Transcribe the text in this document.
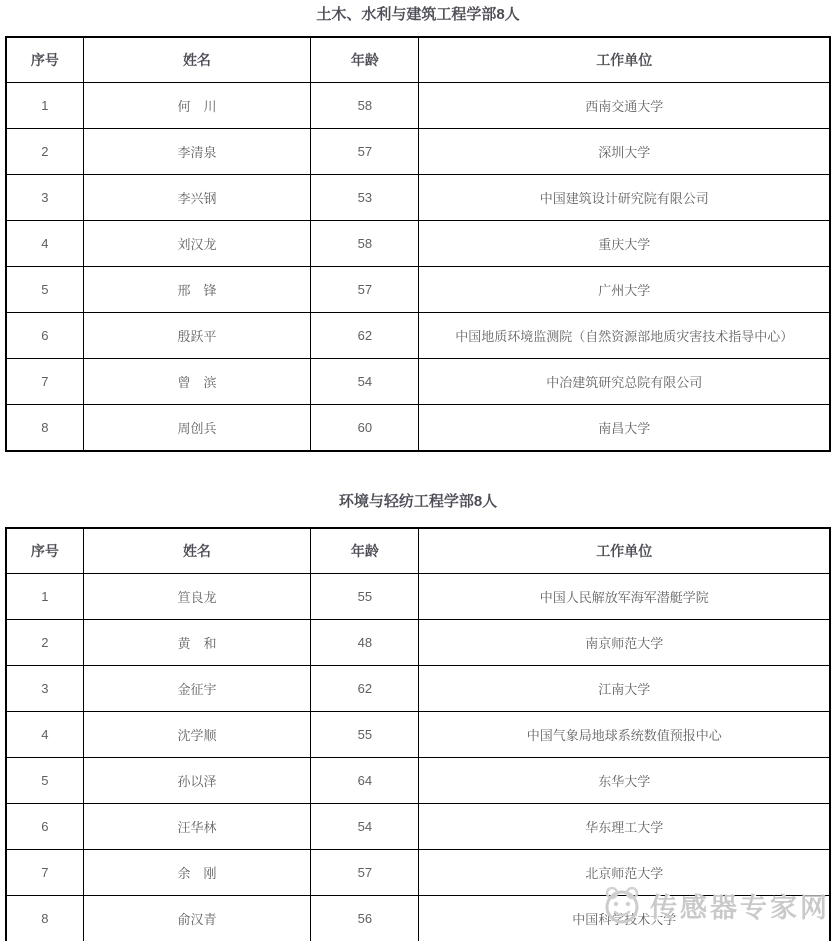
土木、水利与建筑工程学部8人
序号	姓名	年龄	工作单位
1	何　川	58	西南交通大学
2	李清泉	57	深圳大学
3	李兴钢	53	中国建筑设计研究院有限公司
4	刘汉龙	58	重庆大学
5	邢　锋	57	广州大学
6	殷跃平	62	中国地质环境监测院（自然资源部地质灾害技术指导中心）
7	曾　滨	54	中冶建筑研究总院有限公司
8	周创兵	60	南昌大学
环境与轻纺工程学部8人
序号	姓名	年龄	工作单位
1	笪良龙	55	中国人民解放军海军潜艇学院
2	黄　和	48	南京师范大学
3	金征宇	62	江南大学
4	沈学顺	55	中国气象局地球系统数值预报中心
5	孙以泽	64	东华大学
6	汪华林	54	华东理工大学
7	余　刚	57	北京师范大学
8	俞汉青	56	中国科学技术大学
传感器专家网
